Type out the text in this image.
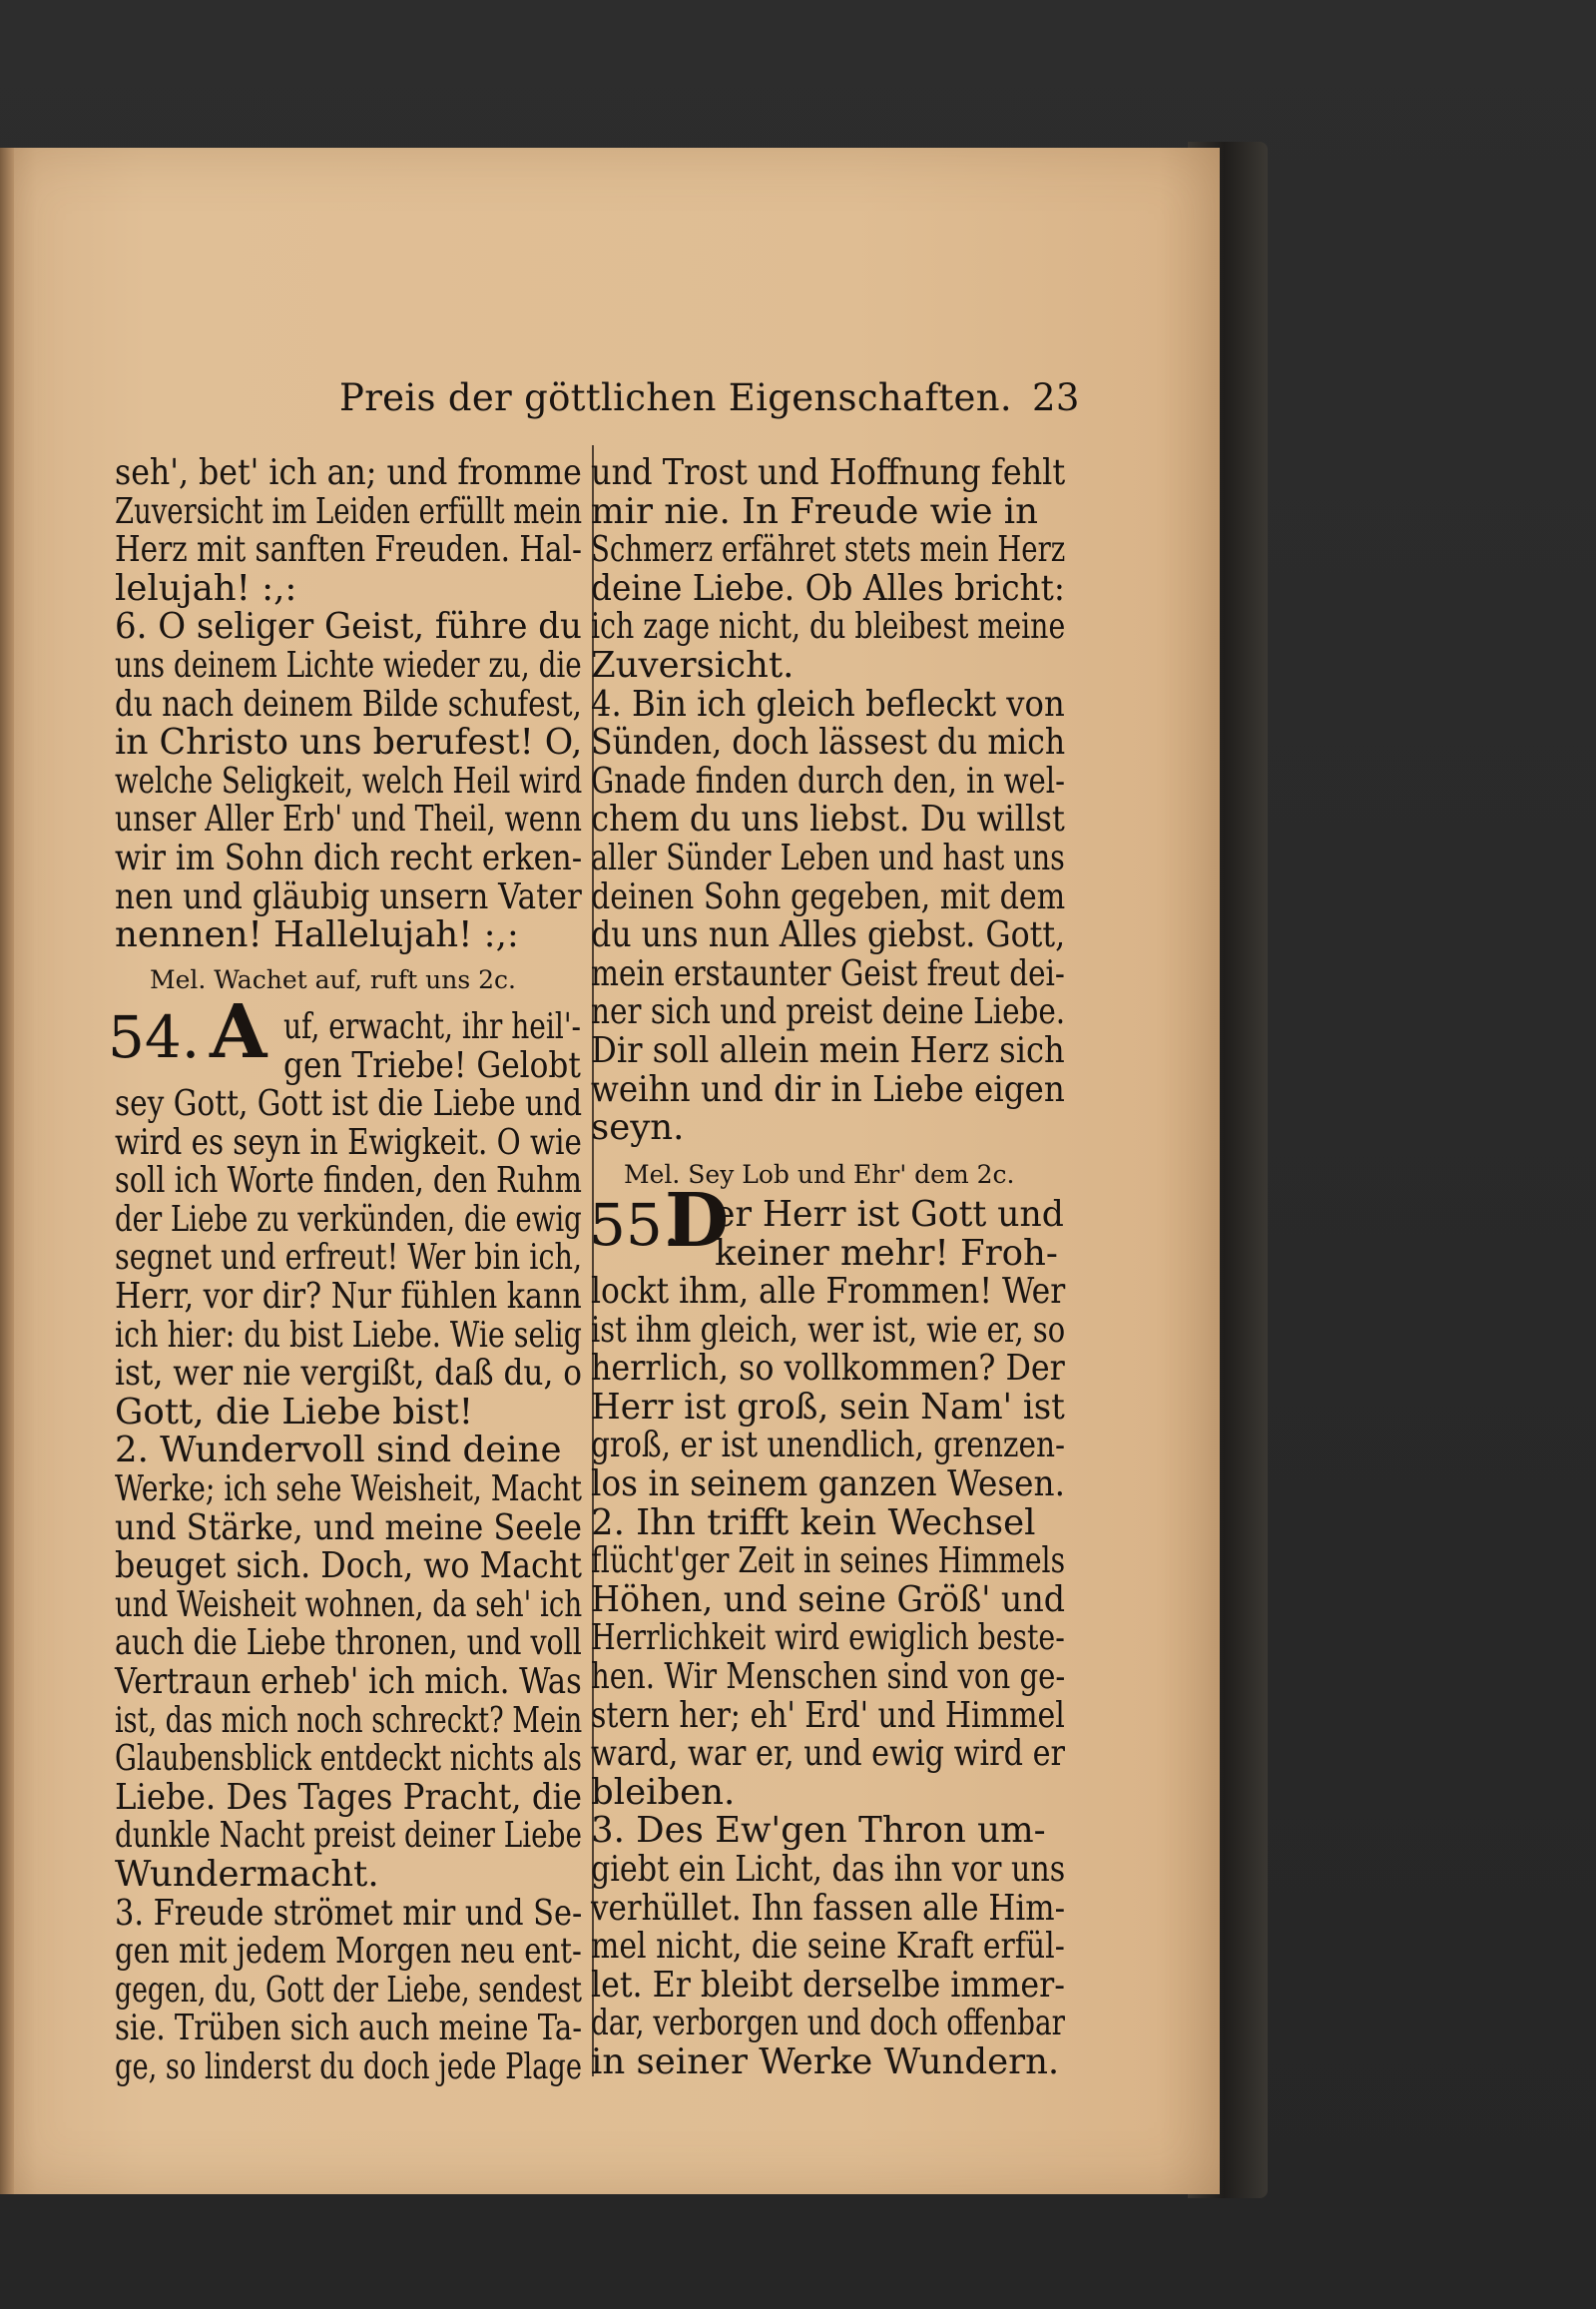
Preis der göttlichen Eigenschaften. 23
Mel. Wachet auf, ruft uns 2c.
54. A
Mel. Sey Lob und Ehr' dem 2c.
55.
D
seh', bet' ich an; und fromme
Zuversicht im Leiden erfüllt mein
Herz mit sanften Freuden. Hal-
lelujah! :,:
6. O seliger Geist, führe du
uns deinem Lichte wieder zu, die
du nach deinem Bilde schufest,
in Christo uns berufest! O,
welche Seligkeit, welch Heil wird
unser Aller Erb' und Theil, wenn
wir im Sohn dich recht erken-
nen und gläubig unsern Vater
nennen! Hallelujah! :,:
uf, erwacht, ihr heil'-
gen Triebe! Gelobt
sey Gott, Gott ist die Liebe und
wird es seyn in Ewigkeit. O wie
soll ich Worte finden, den Ruhm
der Liebe zu verkünden, die ewig
segnet und erfreut! Wer bin ich,
Herr, vor dir? Nur fühlen kann
ich hier: du bist Liebe. Wie selig
ist, wer nie vergißt, daß du, o
Gott, die Liebe bist!
2. Wundervoll sind deine
Werke; ich sehe Weisheit, Macht
und Stärke, und meine Seele
beuget sich. Doch, wo Macht
und Weisheit wohnen, da seh' ich
auch die Liebe thronen, und voll
Vertraun erheb' ich mich. Was
ist, das mich noch schreckt? Mein
Glaubensblick entdeckt nichts als
Liebe. Des Tages Pracht, die
dunkle Nacht preist deiner Liebe
Wundermacht.
3. Freude strömet mir und Se-
gen mit jedem Morgen neu ent-
gegen, du, Gott der Liebe, sendest
sie. Trüben sich auch meine Ta-
ge, so linderst du doch jede Plage
und Trost und Hoffnung fehlt
mir nie. In Freude wie in
Schmerz erfähret stets mein Herz
deine Liebe. Ob Alles bricht:
ich zage nicht, du bleibest meine
Zuversicht.
4. Bin ich gleich befleckt von
Sünden, doch lässest du mich
Gnade finden durch den, in wel-
chem du uns liebst. Du willst
aller Sünder Leben und hast uns
deinen Sohn gegeben, mit dem
du uns nun Alles giebst. Gott,
mein erstaunter Geist freut dei-
ner sich und preist deine Liebe.
Dir soll allein mein Herz sich
weihn und dir in Liebe eigen
seyn.
er Herr ist Gott und
keiner mehr! Froh-
lockt ihm, alle Frommen! Wer
ist ihm gleich, wer ist, wie er, so
herrlich, so vollkommen? Der
Herr ist groß, sein Nam' ist
groß, er ist unendlich, grenzen-
los in seinem ganzen Wesen.
2. Ihn trifft kein Wechsel
flücht'ger Zeit in seines Himmels
Höhen, und seine Größ' und
Herrlichkeit wird ewiglich beste-
hen. Wir Menschen sind von ge-
stern her; eh' Erd' und Himmel
ward, war er, und ewig wird er
bleiben.
3. Des Ew'gen Thron um-
giebt ein Licht, das ihn vor uns
verhüllet. Ihn fassen alle Him-
mel nicht, die seine Kraft erfül-
let. Er bleibt derselbe immer-
dar, verborgen und doch offenbar
in seiner Werke Wundern.
